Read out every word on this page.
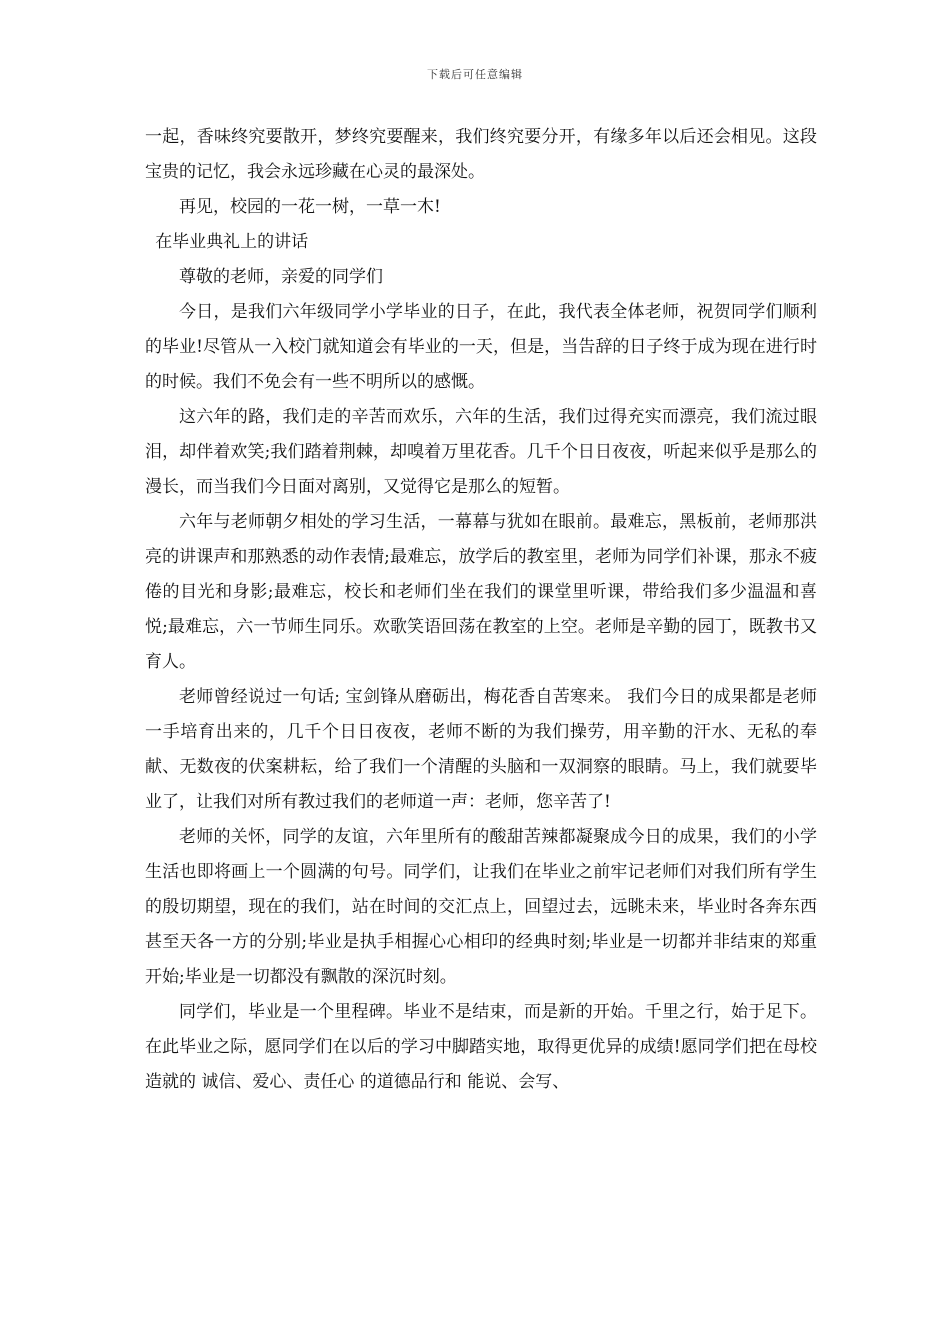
下载后可任意编辑

一起，香味终究要散开，梦终究要醒来，我们终究要分开，有缘多年以后还会相见。这段宝贵的记忆，我会永远珍藏在心灵的最深处。

再见，校园的一花一树，一草一木!

在毕业典礼上的讲话

尊敬的老师，亲爱的同学们

今日，是我们六年级同学小学毕业的日子，在此，我代表全体老师，祝贺同学们顺利的毕业!尽管从一入校门就知道会有毕业的一天，但是，当告辞的日子终于成为现在进行时的时候。我们不免会有一些不明所以的感慨。

这六年的路，我们走的辛苦而欢乐，六年的生活，我们过得充实而漂亮，我们流过眼泪，却伴着欢笑;我们踏着荆棘，却嗅着万里花香。几千个日日夜夜，听起来似乎是那么的漫长，而当我们今日面对离别，又觉得它是那么的短暂。

六年与老师朝夕相处的学习生活，一幕幕与犹如在眼前。最难忘，黑板前，老师那洪亮的讲课声和那熟悉的动作表情;最难忘，放学后的教室里，老师为同学们补课，那永不疲倦的目光和身影;最难忘，校长和老师们坐在我们的课堂里听课，带给我们多少温温和喜悦;最难忘，六一节师生同乐。欢歌笑语回荡在教室的上空。老师是辛勤的园丁，既教书又育人。

老师曾经说过一句话; 宝剑锋从磨砺出，梅花香自苦寒来。 我们今日的成果都是老师一手培育出来的，几千个日日夜夜，老师不断的为我们操劳，用辛勤的汗水、无私的奉献、无数夜的伏案耕耘，给了我们一个清醒的头脑和一双洞察的眼睛。马上，我们就要毕业了，让我们对所有教过我们的老师道一声：老师，您辛苦了!

老师的关怀，同学的友谊，六年里所有的酸甜苦辣都凝聚成今日的成果，我们的小学生活也即将画上一个圆满的句号。同学们，让我们在毕业之前牢记老师们对我们所有学生的殷切期望，现在的我们，站在时间的交汇点上，回望过去，远眺未来，毕业时各奔东西甚至天各一方的分别;毕业是执手相握心心相印的经典时刻;毕业是一切都并非结束的郑重开始;毕业是一切都没有飘散的深沉时刻。

同学们，毕业是一个里程碑。毕业不是结束，而是新的开始。千里之行，始于足下。在此毕业之际，愿同学们在以后的学习中脚踏实地，取得更优异的成绩!愿同学们把在母校造就的 诚信、爱心、责任心 的道德品行和 能说、会写、
